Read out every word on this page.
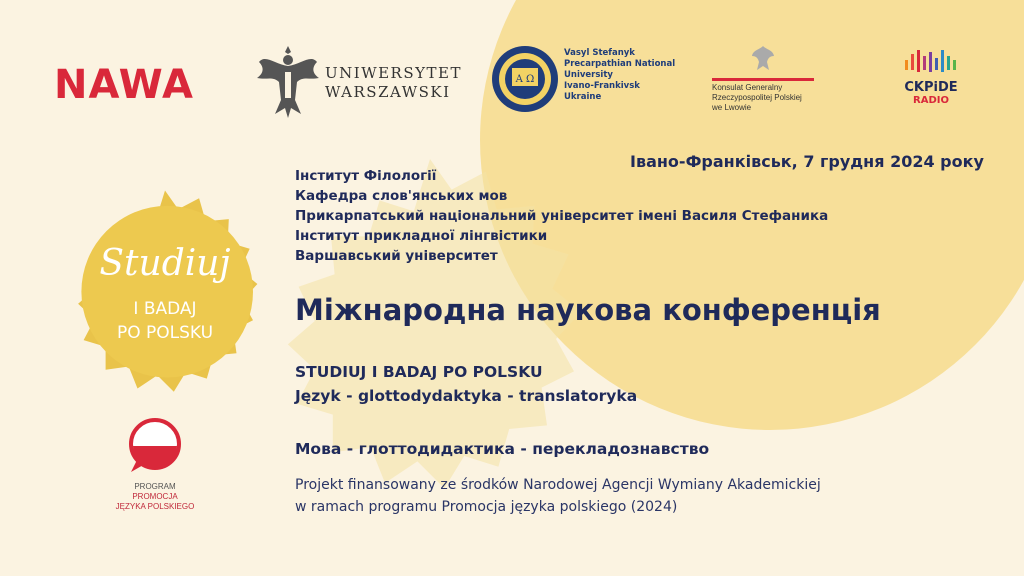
NAWA	UNIWERSYTET
WARSZAWSKI
A Ω
Vasyl Stefanyk
Precarpathian National
University
Ivano-Frankivsk
Ukraine
Konsulat Generalny
Rzeczypospolitej Polskiej
we Lwowie
CKPiDE
RADIO
Studiuj
I BADAJ
PO POLSKU
PROGRAM
PROMOCJA
JĘZYKA POLSKIEGO
Івано-Франківськ, 7 грудня 2024 року
Інститут Філології
Кафедра слов'янських мов
Прикарпатський національний університет імені Василя Стефаника
Інститут прикладної лінгвістики
Варшавський університет
Міжнародна наукова конференція
STUDIUJ I BADAJ PO POLSKU
Język - glottodydaktyka - translatoryka
Мова - глоттодидактика - перекладознавство
Projekt finansowany ze środków Narodowej Agencji Wymiany Akademickiej
w ramach programu Promocja języka polskiego (2024)
